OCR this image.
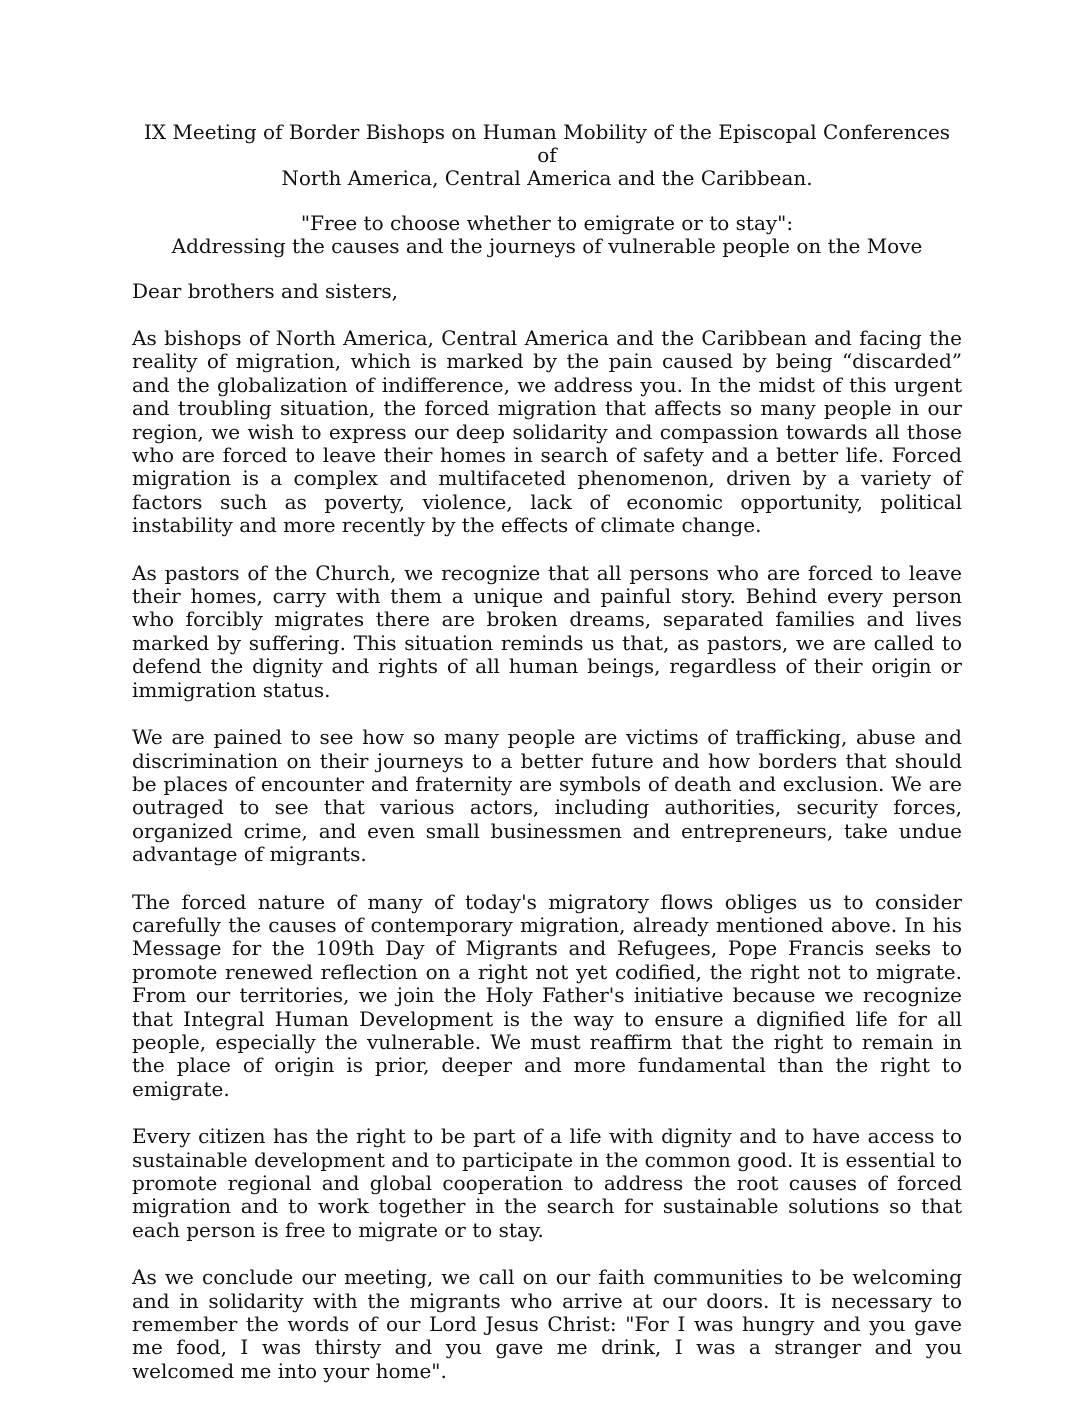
IX Meeting of Border Bishops on Human Mobility of the Episcopal Conferences of

North America, Central America and the Caribbean.

"Free to choose whether to emigrate or to stay":

Addressing the causes and the journeys of vulnerable people on the Move

Dear brothers and sisters,

As bishops of North America, Central America and the Caribbean and facing the reality of migration, which is marked by the pain caused by being “discarded” and the globalization of indifference, we address you. In the midst of this urgent and troubling situation, the forced migration that affects so many people in our region, we wish to express our deep solidarity and compassion towards all those who are forced to leave their homes in search of safety and a better life. Forced migration is a complex and multifaceted phenomenon, driven by a variety of factors such as poverty, violence, lack of economic opportunity, political instability and more recently by the effects of climate change.

As pastors of the Church, we recognize that all persons who are forced to leave their homes, carry with them a unique and painful story. Behind every person who forcibly migrates there are broken dreams, separated families and lives marked by suffering. This situation reminds us that, as pastors, we are called to defend the dignity and rights of all human beings, regardless of their origin or immigration status.

We are pained to see how so many people are victims of trafficking, abuse and discrimination on their journeys to a better future and how borders that should be places of encounter and fraternity are symbols of death and exclusion. We are outraged to see that various actors, including authorities, security forces, organized crime, and even small businessmen and entrepreneurs, take undue advantage of migrants.

The forced nature of many of today's migratory flows obliges us to consider carefully the causes of contemporary migration, already mentioned above. In his Message for the 109th Day of Migrants and Refugees, Pope Francis seeks to promote renewed reflection on a right not yet codified, the right not to migrate. From our territories, we join the Holy Father's initiative because we recognize that Integral Human Development is the way to ensure a dignified life for all people, especially the vulnerable. We must reaffirm that the right to remain in the place of origin is prior, deeper and more fundamental than the right to emigrate.

Every citizen has the right to be part of a life with dignity and to have access to sustainable development and to participate in the common good. It is essential to promote regional and global cooperation to address the root causes of forced migration and to work together in the search for sustainable solutions so that each person is free to migrate or to stay.

As we conclude our meeting, we call on our faith communities to be welcoming and in solidarity with the migrants who arrive at our doors. It is necessary to remember the words of our Lord Jesus Christ: "For I was hungry and you gave me food, I was thirsty and you gave me drink, I was a stranger and you welcomed me into your home".
